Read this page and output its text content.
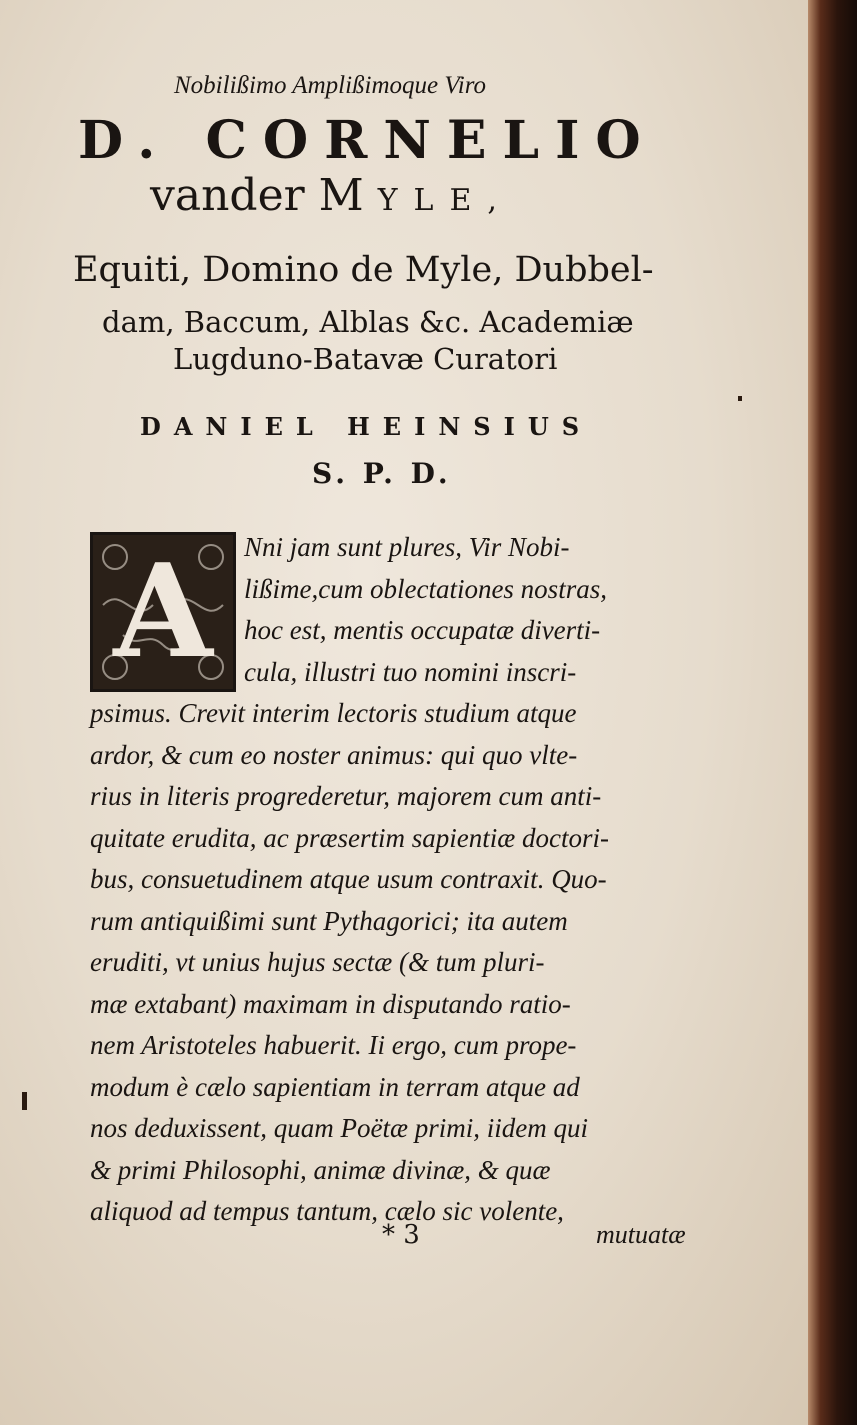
Nobilißimo Amplißimoque Viro
D. CORNELIO
vander M YLE,
Equiti, Domino de Myle, Dubbel-
dam, Baccum, Alblas &c. Academiæ
Lugduno-Batavæ Curatori
DANIEL HEINSIUS
S. P. D.
A	Nni jam sunt plures, Vir Nobi-
lißime,cum oblectationes nostras,
hoc est, mentis occupatæ diverti-
cula, illustri tuo nomini inscri-
psimus. Crevit interim lectoris studium atque
ardor, & cum eo noster animus: qui quo vlte-
rius in literis progrederetur, majorem cum anti-
quitate erudita, ac præsertim sapientiæ doctori-
bus, consuetudinem atque usum contraxit. Quo-
rum antiquißimi sunt Pythagorici; ita autem
eruditi, vt unius hujus sectæ (& tum pluri-
mæ extabant) maximam in disputando ratio-
nem Aristoteles habuerit. Ii ergo, cum prope-
modum è cælo sapientiam in terram atque ad
nos deduxissent, quam Poëtæ primi, iidem qui
& primi Philosophi, animæ divinæ, & quæ
aliquod ad tempus tantum, cælo sic volente,
* 3	mutuatæ
